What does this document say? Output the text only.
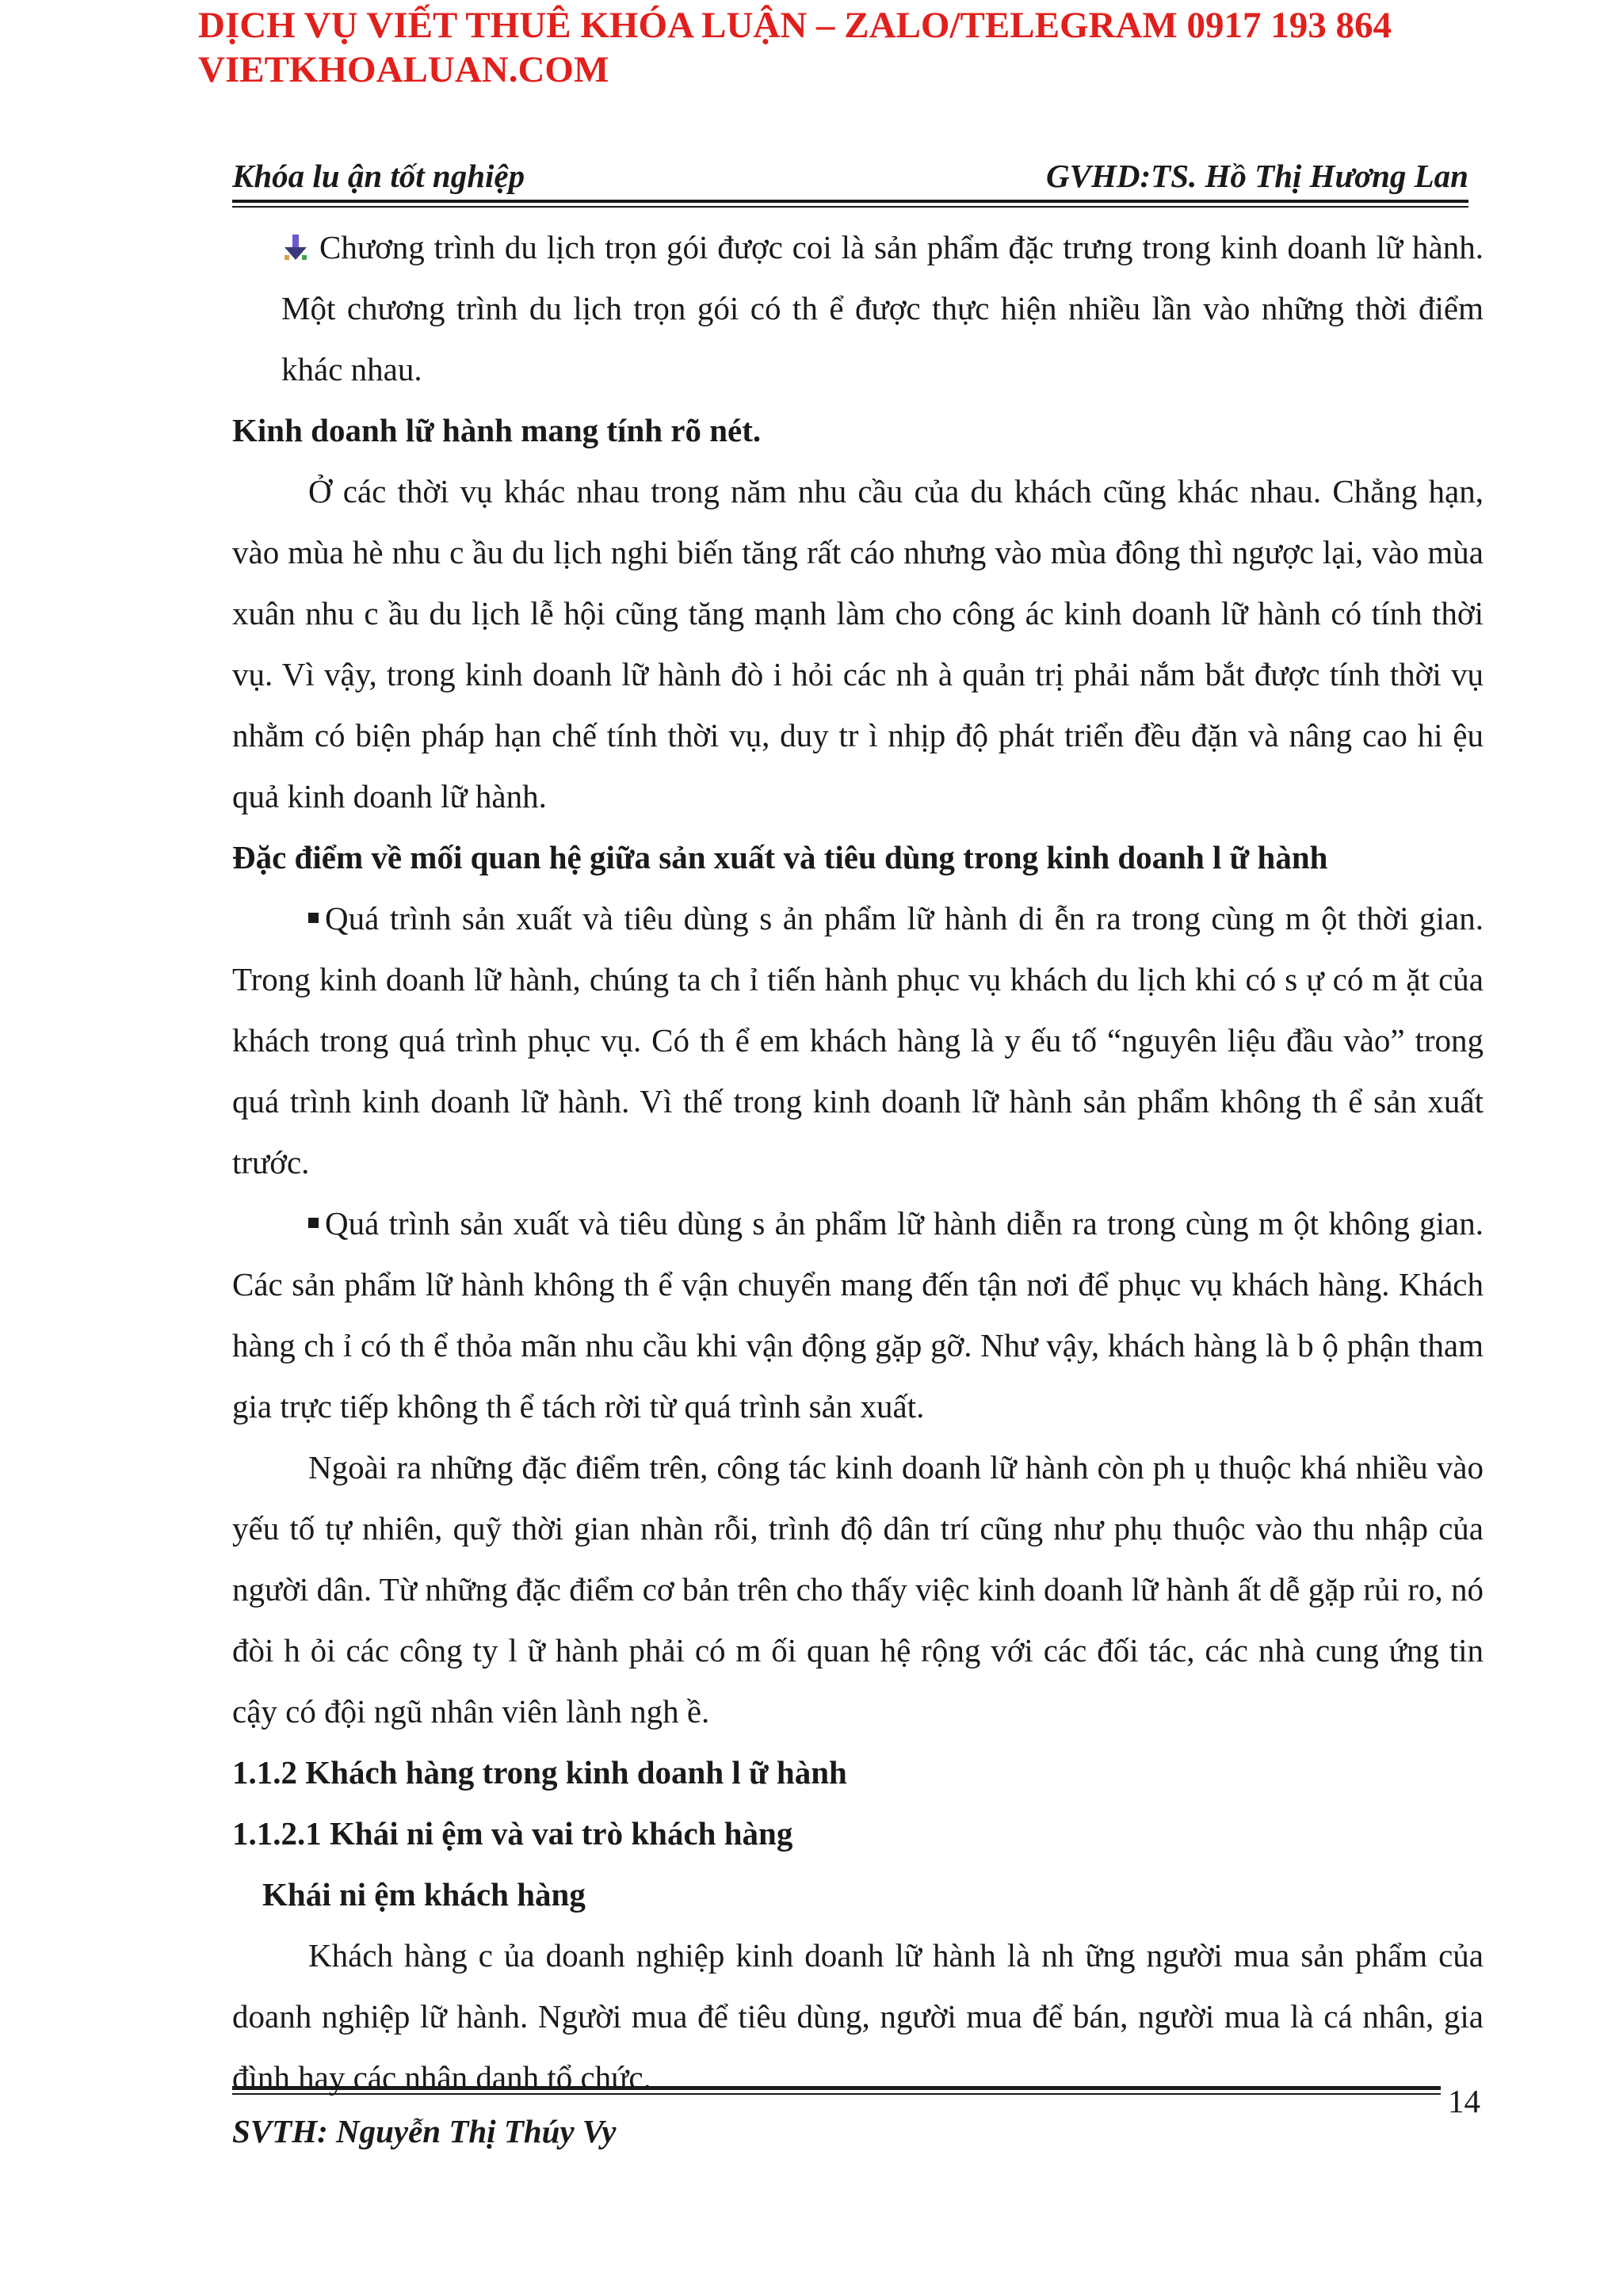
DỊCH VỤ VIẾT THUÊ KHÓA LUẬN – ZALO/TELEGRAM 0917 193 864
VIETKHOALUAN.COM
Khóa lu ận tốt nghiệp	GVHD:TS. Hồ Thị Hương Lan

Chương trình du lịch trọn gói được coi là sản phẩm đặc trưng trong kinh doanh lữ hành. Một chương trình du lịch trọn gói có th ể được thực hiện nhiều lần vào những thời điểm khác nhau.

Kinh doanh lữ hành mang tính rõ nét.

Ở các thời vụ khác nhau trong năm nhu cầu của du khách cũng khác nhau. Chẳng hạn, vào mùa hè nhu c ầu du lịch nghi biến tăng rất cáo nhưng vào mùa đông thì ngược lại, vào mùa xuân nhu c ầu du lịch lễ hội cũng tăng mạnh làm cho công ác kinh doanh lữ hành có tính thời vụ. Vì vậy, trong kinh doanh lữ hành đò i hỏi các nh à quản trị phải nắm bắt được tính thời vụ nhằm có biện pháp hạn chế tính thời vụ, duy tr ì nhịp độ phát triển đều đặn và nâng cao hi ệu quả kinh doanh lữ hành.

Đặc điểm về mối quan hệ giữa sản xuất và tiêu dùng trong kinh doanh l ữ hành

Quá trình sản xuất và tiêu dùng s ản phẩm lữ hành di ễn ra trong cùng m ột thời gian. Trong kinh doanh lữ hành, chúng ta ch ỉ tiến hành phục vụ khách du lịch khi có s ự có m ặt của khách trong quá trình phục vụ. Có th ể em khách hàng là y ếu tố “nguyên liệu đầu vào” trong quá trình kinh doanh lữ hành. Vì thế trong kinh doanh lữ hành sản phẩm không th ể sản xuất trước.

Quá trình sản xuất và tiêu dùng s ản phẩm lữ hành diễn ra trong cùng m ột không gian. Các sản phẩm lữ hành không th ể vận chuyển mang đến tận nơi để phục vụ khách hàng. Khách hàng ch ỉ có th ể thỏa mãn nhu cầu khi vận động gặp gỡ. Như vậy, khách hàng là b ộ phận tham gia trực tiếp không th ể tách rời từ quá trình sản xuất.

Ngoài ra những đặc điểm trên, công tác kinh doanh lữ hành còn ph ụ thuộc khá nhiều vào yếu tố tự nhiên, quỹ thời gian nhàn rỗi, trình độ dân trí cũng như phụ thuộc vào thu nhập của người dân. Từ những đặc điểm cơ bản trên cho thấy việc kinh doanh lữ hành ất dễ gặp rủi ro, nó đòi h ỏi các công ty l ữ hành phải có m ối quan hệ rộng với các đối tác, các nhà cung ứng tin cậy có đội ngũ nhân viên lành ngh ề.

1.1.2 Khách hàng trong kinh doanh l ữ hành

1.1.2.1 Khái ni ệm và vai trò khách hàng

Khái ni ệm khách hàng

Khách hàng c ủa doanh nghiệp kinh doanh lữ hành là nh ững người mua sản phẩm của doanh nghiệp lữ hành. Người mua để tiêu dùng, người mua để bán, người mua là cá nhân, gia đình hay các nhân danh tổ chức.

14
SVTH: Nguyễn Thị Thúy Vy
